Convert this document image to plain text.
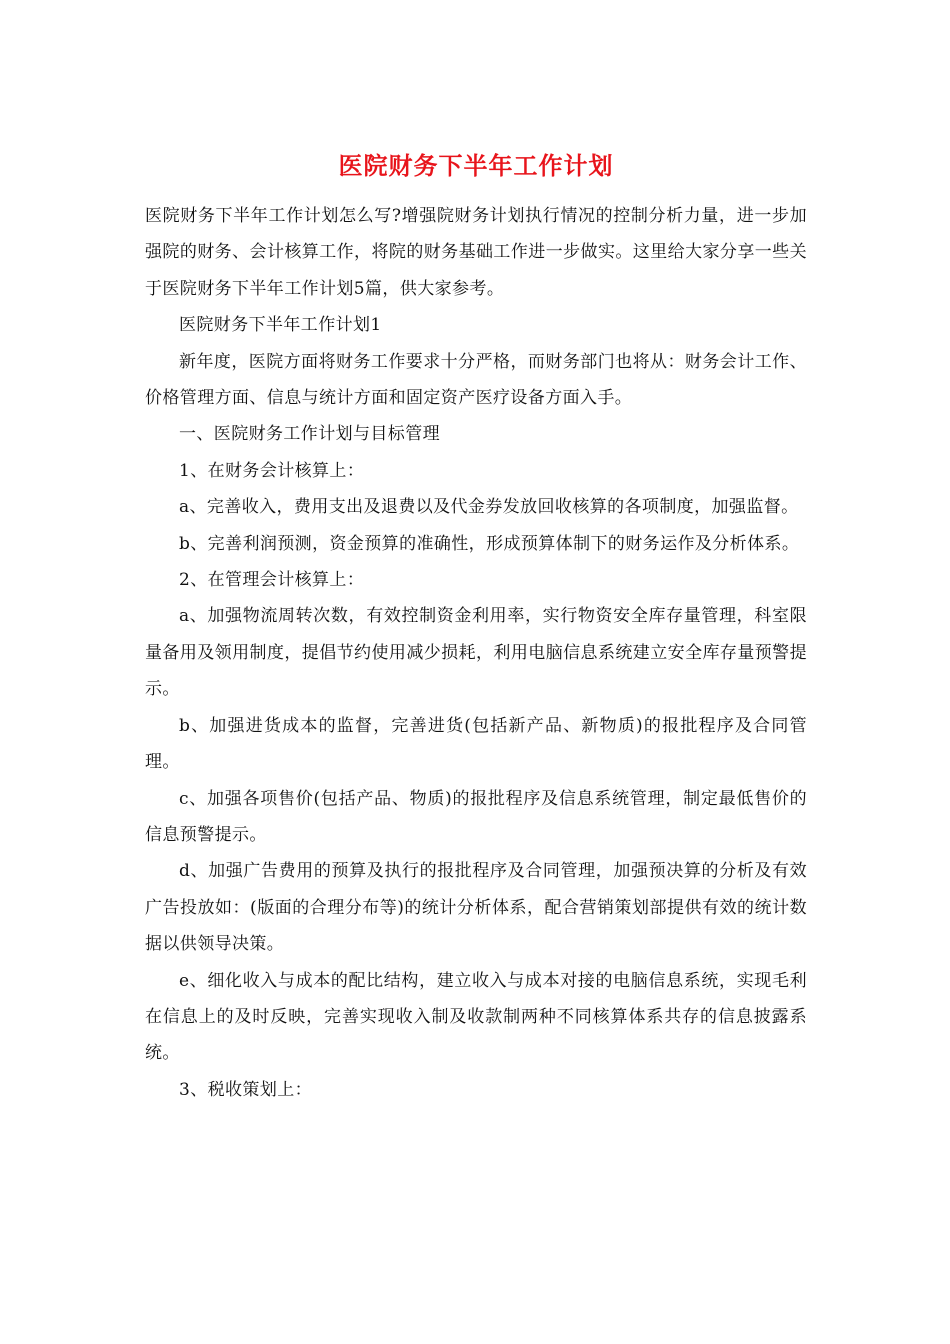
医院财务下半年工作计划

医院财务下半年工作计划怎么写?增强院财务计划执行情况的控制分析力量，进一步加强院的财务、会计核算工作，将院的财务基础工作进一步做实。这里给大家分享一些关于医院财务下半年工作计划5篇，供大家参考。

医院财务下半年工作计划1

新年度，医院方面将财务工作要求十分严格，而财务部门也将从：财务会计工作、价格管理方面、信息与统计方面和固定资产医疗设备方面入手。

一、医院财务工作计划与目标管理

1、在财务会计核算上：

a、完善收入，费用支出及退费以及代金券发放回收核算的各项制度，加强监督。

b、完善利润预测，资金预算的准确性，形成预算体制下的财务运作及分析体系。

2、在管理会计核算上：

a、加强物流周转次数，有效控制资金利用率，实行物资安全库存量管理，科室限量备用及领用制度，提倡节约使用减少损耗，利用电脑信息系统建立安全库存量预警提示。

b、加强进货成本的监督，完善进货(包括新产品、新物质)的报批程序及合同管理。

c、加强各项售价(包括产品、物质)的报批程序及信息系统管理，制定最低售价的信息预警提示。

d、加强广告费用的预算及执行的报批程序及合同管理，加强预决算的分析及有效广告投放如：(版面的合理分布等)的统计分析体系，配合营销策划部提供有效的统计数据以供领导决策。

e、细化收入与成本的配比结构，建立收入与成本对接的电脑信息系统，实现毛利在信息上的及时反映，完善实现收入制及收款制两种不同核算体系共存的信息披露系统。

3、税收策划上：
